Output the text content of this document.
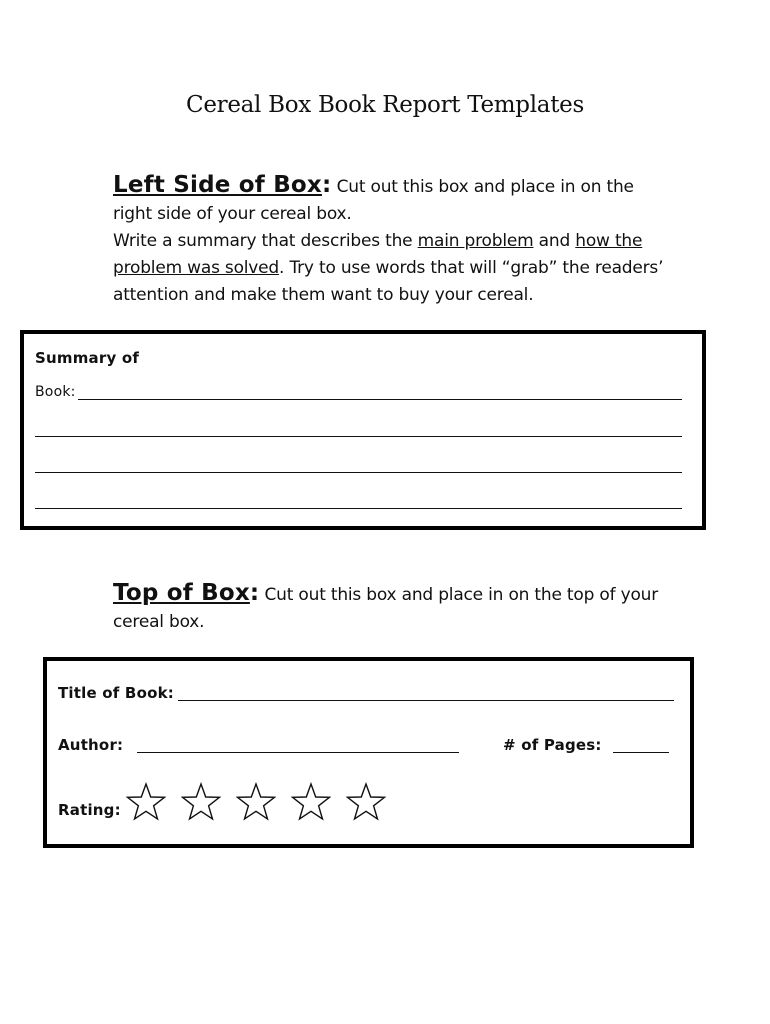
Cereal Box Book Report Templates
Left Side of Box: Cut out this box and place in on the right side of your cereal box.
Write a summary that describes the main problem and how the problem was solved. Try to use words that will “grab” the readers’ attention and make them want to buy your cereal.
Summary of
Book:
Top of Box: Cut out this box and place in on the top of your cereal box.
Title of Book:
Author:	# of Pages:
Rating:
